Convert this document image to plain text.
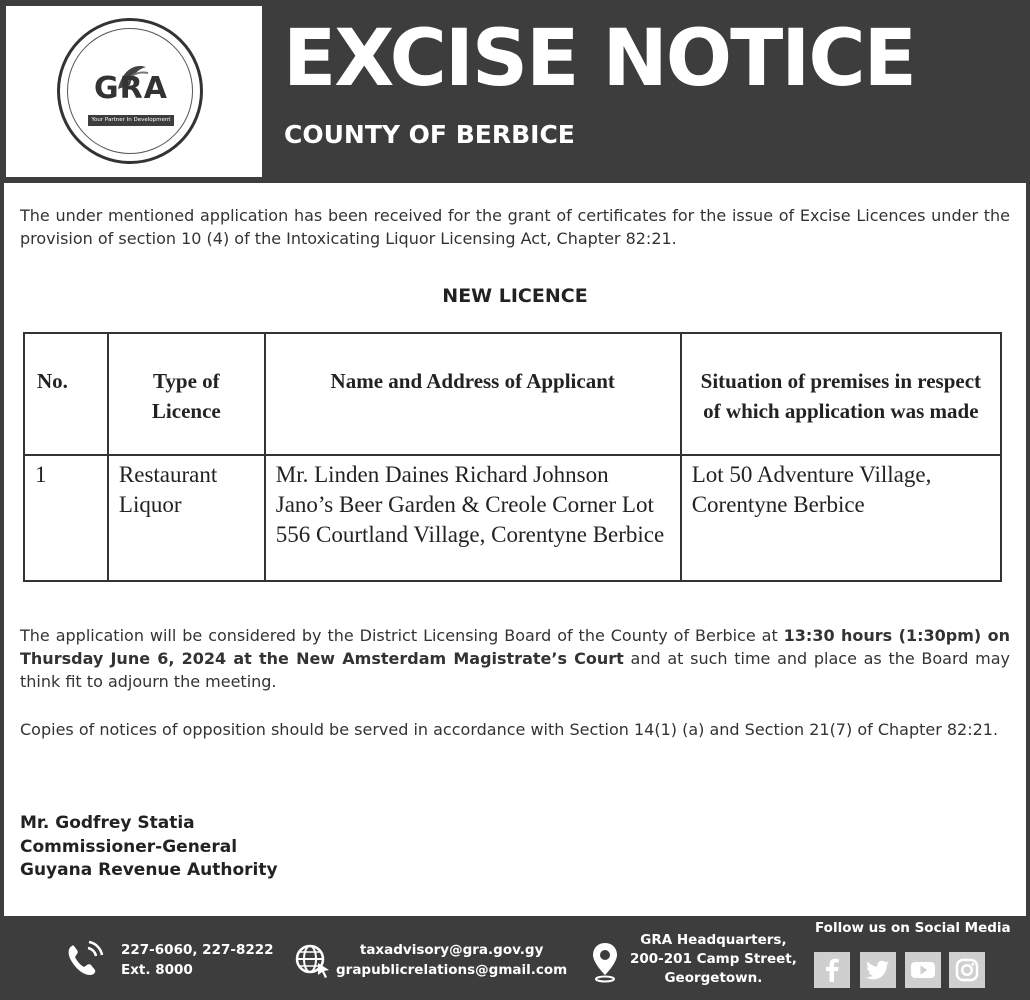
GRA
Your Partner In Development
EXCISE NOTICE
COUNTY OF BERBICE

The under mentioned application has been received for the grant of certificates for the issue of Excise Licences under the provision of section 10 (4) of the Intoxicating Liquor Licensing Act, Chapter 82:21.

NEW LICENCE
No.	Type of Licence	Name and Address of Applicant	Situation of premises in respect of which application was made
1	Restaurant Liquor	Mr. Linden Daines Richard Johnson Jano’s Beer Garden & Creole Corner Lot 556 Courtland Village, Corentyne Berbice	Lot 50 Adventure Village, Corentyne Berbice

The application will be considered by the District Licensing Board of the County of Berbice at 13:30 hours (1:30pm) on Thursday June 6, 2024 at the New Amsterdam Magistrate’s Court and at such time and place as the Board may think fit to adjourn the meeting.

Copies of notices of opposition should be served in accordance with Section 14(1) (a) and Section 21(7) of Chapter 82:21.

Mr. Godfrey Statia
Commissioner-General
Guyana Revenue Authority
227-6060, 227-8222
Ext. 8000
taxadvisory@gra.gov.gy
grapublicrelations@gmail.com
GRA Headquarters,
200-201 Camp Street,
Georgetown.
Follow us on Social Media
